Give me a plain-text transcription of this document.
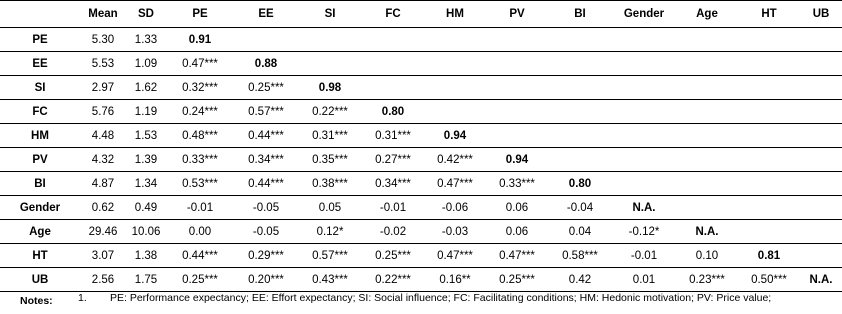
	Mean	SD	PE	EE	SI	FC	HM	PV	BI	Gender	Age	HT	UB
PE	5.30	1.33	0.91										
EE	5.53	1.09	0.47***	0.88									
SI	2.97	1.62	0.32***	0.25***	0.98								
FC	5.76	1.19	0.24***	0.57***	0.22***	0.80							
HM	4.48	1.53	0.48***	0.44***	0.31***	0.31***	0.94						
PV	4.32	1.39	0.33***	0.34***	0.35***	0.27***	0.42***	0.94					
BI	4.87	1.34	0.53***	0.44***	0.38***	0.34***	0.47***	0.33***	0.80				
Gender	0.62	0.49	-0.01	-0.05	0.05	-0.01	-0.06	0.06	-0.04	N.A.			
Age	29.46	10.06	0.00	-0.05	0.12*	-0.02	-0.03	0.06	0.04	-0.12*	N.A.		
HT	3.07	1.38	0.44***	0.29***	0.57***	0.25***	0.47***	0.47***	0.58***	-0.01	0.10	0.81	
UB	2.56	1.75	0.25***	0.20***	0.43***	0.22***	0.16**	0.25***	0.42	0.01	0.23***	0.50***	N.A.
Notes: 1. PE: Performance expectancy; EE: Effort expectancy; SI: Social influence; FC: Facilitating conditions; HM: Hedonic motivation; PV: Price value;
